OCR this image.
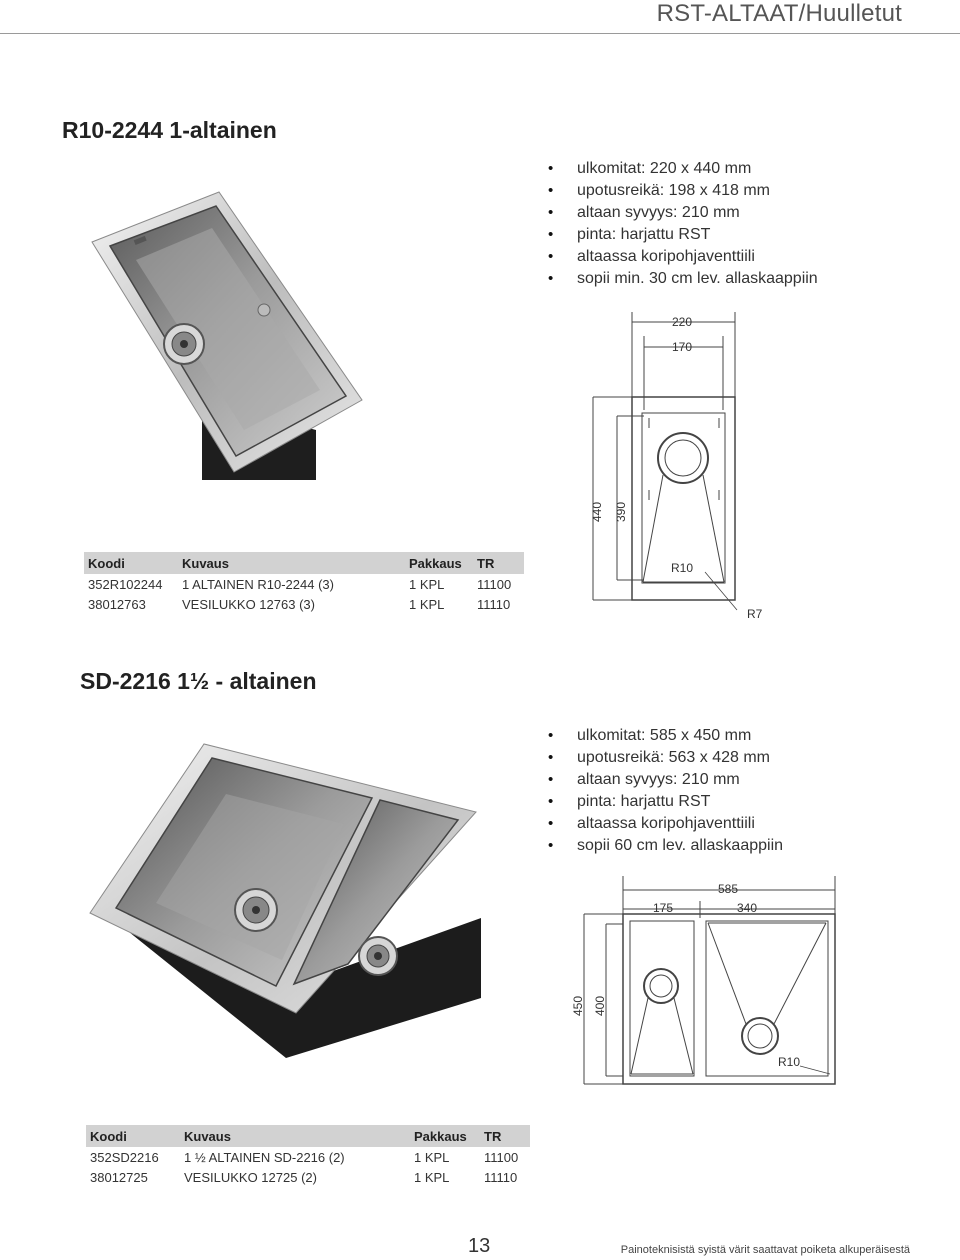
RST-ALTAAT/Huulletut
R10-2244 1-altainen
• ulkomitat: 220 x 440 mm
• upotusreikä: 198 x 418 mm
• altaan syvyys: 210 mm
• pinta: harjattu RST
• altaassa koripohjaventtiili
• sopii min. 30 cm lev. allaskaappiin
220
170
440 390
R10
R7
Koodi	Kuvaus	Pakkaus	TR
352R102244	1 ALTAINEN R10-2244 (3)	1 KPL	11100
38012763	VESILUKKO 12763 (3)	1 KPL	11110
SD-2216 1½ - altainen
• ulkomitat: 585 x 450 mm
• upotusreikä: 563 x 428 mm
• altaan syvyys: 210 mm
• pinta: harjattu RST
• altaassa koripohjaventtiili
• sopii 60 cm lev. allaskaappiin
585
175	340
450 400
R10
Koodi	Kuvaus	Pakkaus	TR
352SD2216	1 ½ ALTAINEN SD-2216 (2)	1 KPL	11100
38012725	VESILUKKO 12725 (2)	1 KPL	11110
13	Painoteknisistä syistä värit saattavat poiketa alkuperäisestä
